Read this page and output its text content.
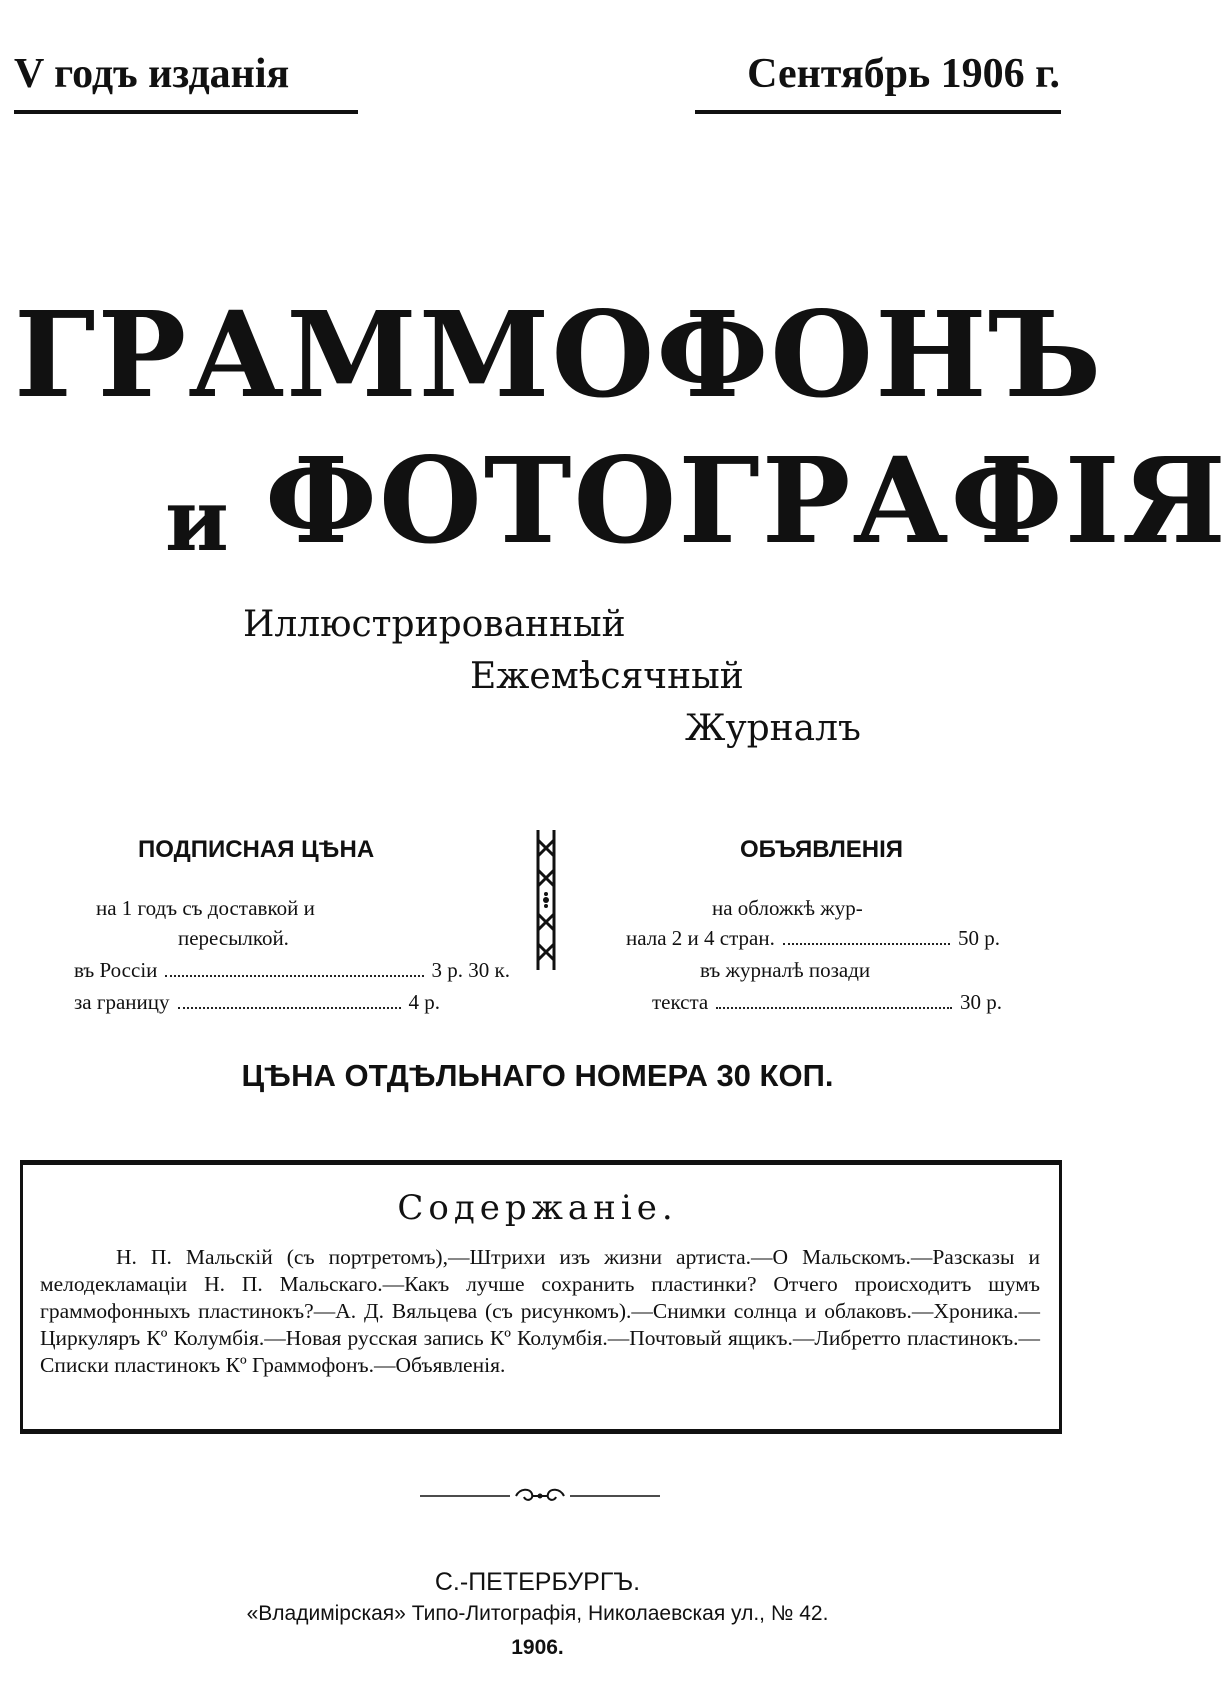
V годъ изданія	Сентябрь 1906 г.
ГРАММОФОНЪ
и ФОТОГРАФІЯ
Иллюстрированный
Ежемѣсячный
Журналъ
ПОДПИСНАЯ ЦѢНА
на 1 годъ съ доставкой и
пересылкой.
въ Россіи	3 р. 30 к.
за границу	4 р.
ОБЪЯВЛЕНІЯ
на обложкѣ жур-
нала 2 и 4 стран.	50 р.
въ журналѣ позади
текста	30 р.
ЦѢНА ОТДѢЛЬНАГО НОМЕРА 30 КОП.
Содержаніе.
Н. П. Мальскій (съ портретомъ),—Штрихи изъ жизни артиста.—О Мальскомъ.—Разсказы и мелодекламаціи Н. П. Мальскаго.—Какъ лучше сохранить пластинки? Отчего происходитъ шумъ граммофонныхъ пластинокъ?—А. Д. Вяльцева (съ рисункомъ).—Снимки солнца и облаковъ.—Хроника.—Циркуляръ Кº Колумбія.—Новая русская запись Кº Колумбія.—Почтовый ящикъ.—Либретто пластинокъ.—Списки пластинокъ Кº Граммофонъ.—Объявленія.
С.-ПЕТЕРБУРГЪ.
«Владимірская» Типо-Литографія, Николаевская ул., № 42.
1906.
